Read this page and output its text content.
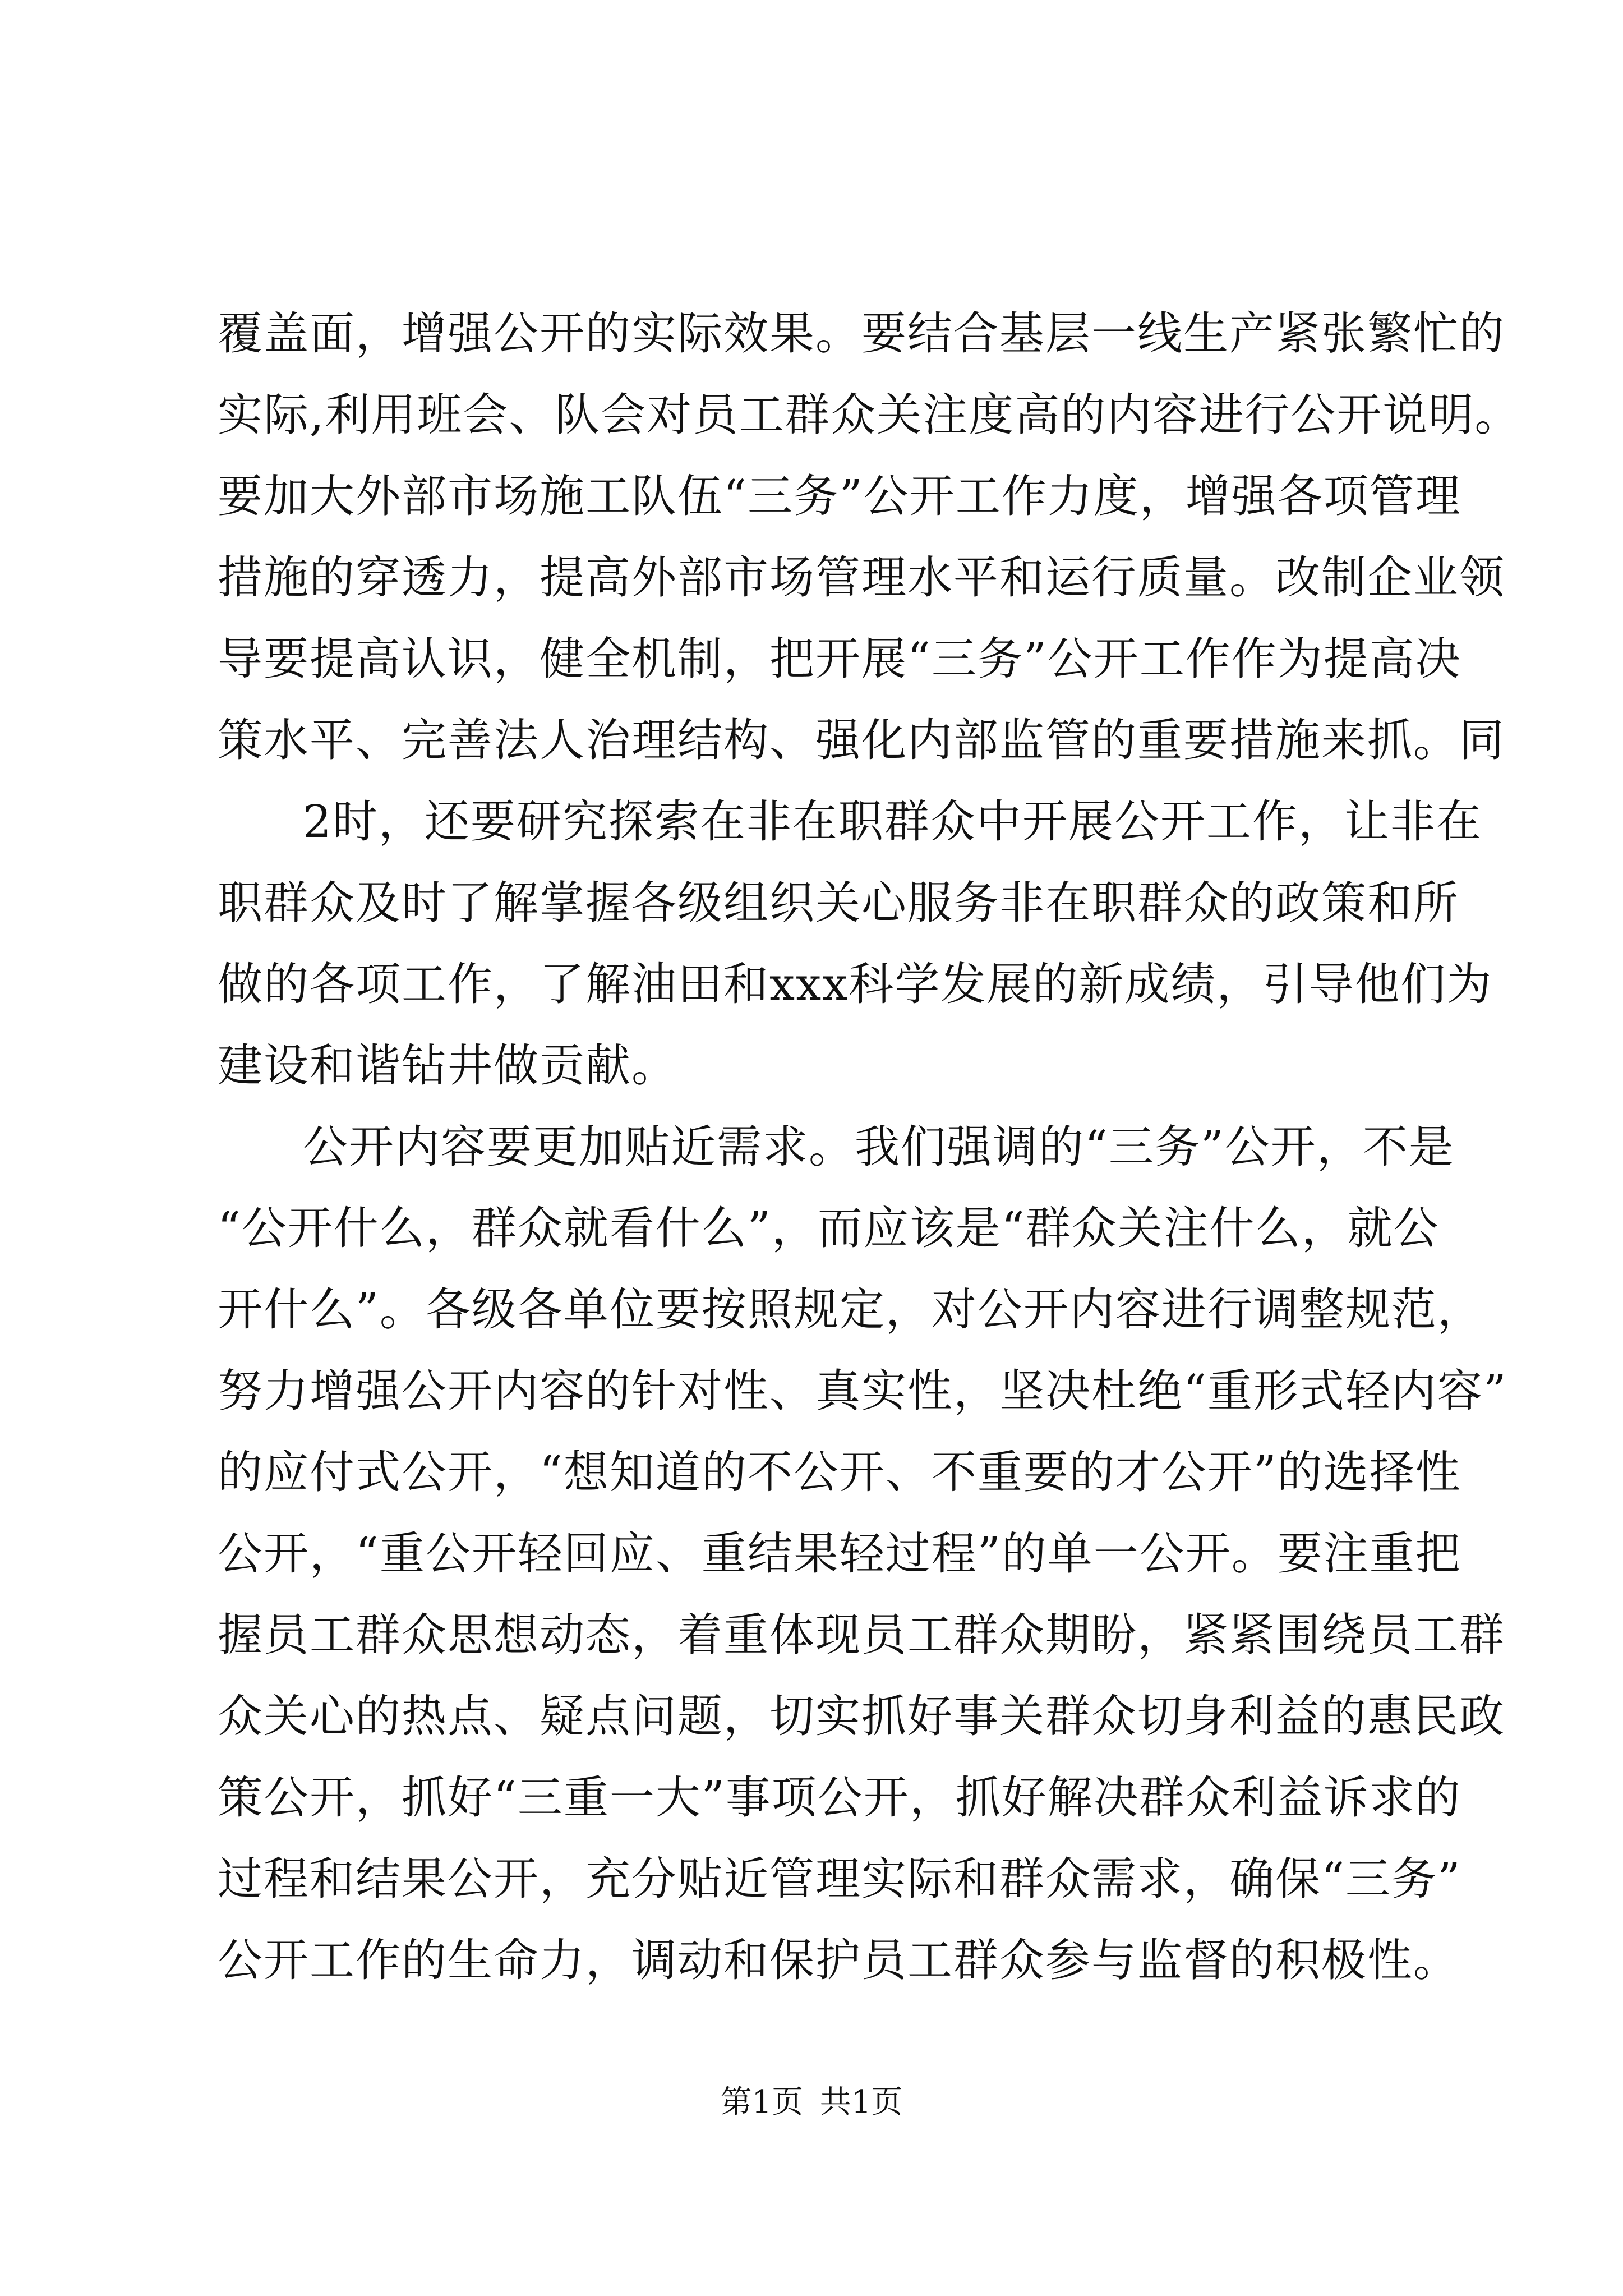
覆盖面，增强公开的实际效果。要结合基层一线生产紧张繁忙的
实际,利用班会、队会对员工群众关注度高的内容进行公开说明。
要加大外部市场施工队伍“三务”公开工作力度，增强各项管理
措施的穿透力，提高外部市场管理水平和运行质量。改制企业领
导要提高认识，健全机制，把开展“三务”公开工作作为提高决
策水平、完善法人治理结构、强化内部监管的重要措施来抓。同
2时，还要研究探索在非在职群众中开展公开工作，让非在
职群众及时了解掌握各级组织关心服务非在职群众的政策和所
做的各项工作，了解油田和xxx科学发展的新成绩，引导他们为
建设和谐钻井做贡献。
公开内容要更加贴近需求。我们强调的“三务”公开，不是
“公开什么，群众就看什么”，而应该是“群众关注什么，就公
开什么”。各级各单位要按照规定，对公开内容进行调整规范，
努力增强公开内容的针对性、真实性，坚决杜绝“重形式轻内容”
的应付式公开，“想知道的不公开、不重要的才公开”的选择性
公开，“重公开轻回应、重结果轻过程”的单一公开。要注重把
握员工群众思想动态，着重体现员工群众期盼，紧紧围绕员工群
众关心的热点、疑点问题，切实抓好事关群众切身利益的惠民政
策公开，抓好“三重一大”事项公开，抓好解决群众利益诉求的
过程和结果公开，充分贴近管理实际和群众需求，确保“三务”
公开工作的生命力，调动和保护员工群众参与监督的积极性。
第1页 共1页
